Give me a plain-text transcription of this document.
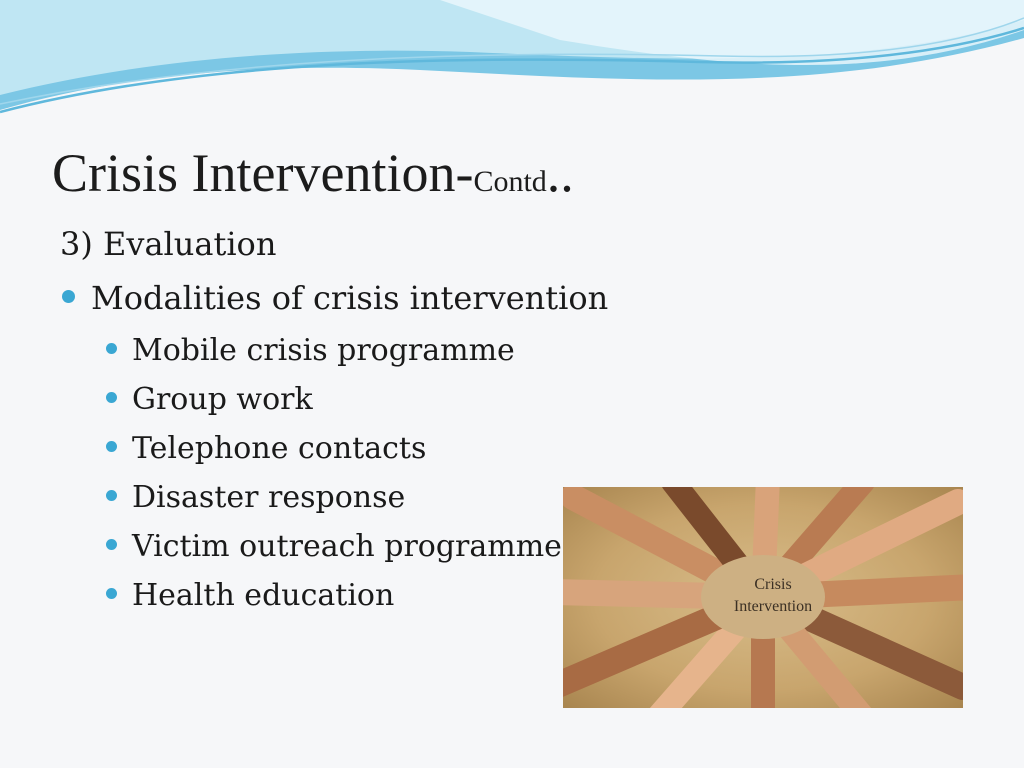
Crisis Intervention-Contd..
3) Evaluation
Modalities of crisis intervention
Mobile crisis programme
Group work
Telephone contacts
Disaster response
Victim outreach programme
Health education	Crisis
Intervention
